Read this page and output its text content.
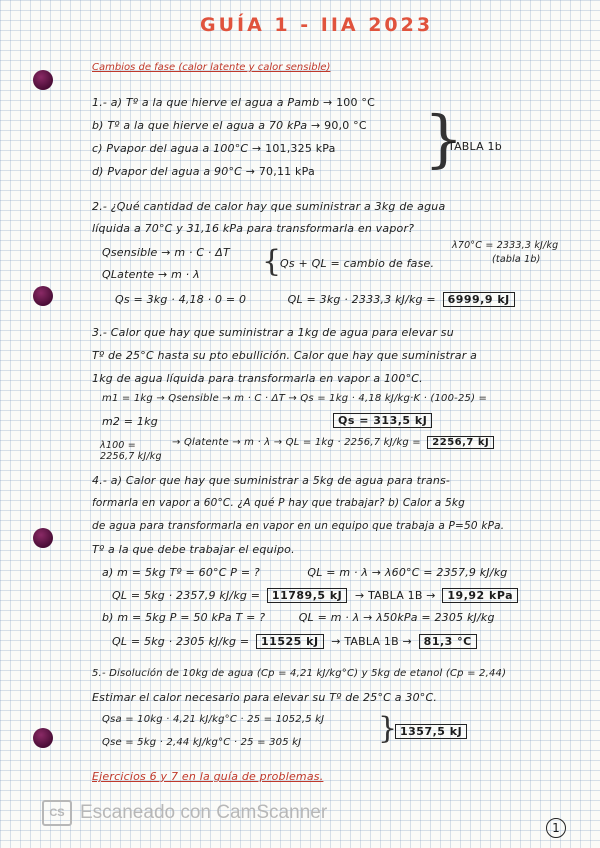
GUÍA 1 - IIA 2023
Cambios de fase (calor latente y calor sensible)
1.- a) Tº a la que hierve el agua a Pamb → 100 °C
b) Tº a la que hierve el agua a 70 kPa → 90,0 °C
c) Pvapor del agua a 100°C → 101,325 kPa
d) Pvapor del agua a 90°C → 70,11 kPa }
TABLA 1b
2.- ¿Qué cantidad de calor hay que suministrar a 3kg de agua
líquida a 70°C y 31,16 kPa para transformarla en vapor?
λ70°C = 2333,3 kJ/kg
(tabla 1b)
Qsensible → m · C · ΔT
QLatente → m · λ {
Qs + QL = cambio de fase.
Qs = 3kg · 4,18 · 0 = 0	QL = 3kg · 2333,3 kJ/kg = 6999,9 kJ
3.- Calor que hay que suministrar a 1kg de agua para elevar su
Tº de 25°C hasta su pto ebullición. Calor que hay que suministrar a
1kg de agua líquida para transformarla en vapor a 100°C.
m1 = 1kg → Qsensible → m · C · ΔT → Qs = 1kg · 4,18 kJ/kg·K · (100-25) =
m2 = 1kg	Qs = 313,5 kJ
λ100 = 2256,7 kJ/kg
→ Qlatente → m · λ → QL = 1kg · 2256,7 kJ/kg = 2256,7 kJ
4.- a) Calor que hay que suministrar a 5kg de agua para trans-
formarla en vapor a 60°C. ¿A qué P hay que trabajar? b) Calor a 5kg
de agua para transformarla en vapor en un equipo que trabaja a P=50 kPa.
Tº a la que debe trabajar el equipo.
a) m = 5kg Tº = 60°C P = ?	QL = m · λ → λ60°C = 2357,9 kJ/kg
QL = 5kg · 2357,9 kJ/kg = 11789,5 kJ → TABLA 1B → 19,92 kPa
b) m = 5kg P = 50 kPa T = ?	QL = m · λ → λ50kPa = 2305 kJ/kg
QL = 5kg · 2305 kJ/kg = 11525 kJ → TABLA 1B → 81,3 °C
5.- Disolución de 10kg de agua (Cp = 4,21 kJ/kg°C) y 5kg de etanol (Cp = 2,44)
Estimar el calor necesario para elevar su Tº de 25°C a 30°C.
Qsa = 10kg · 4,21 kJ/kg°C · 25 = 1052,5 kJ
Qse = 5kg · 2,44 kJ/kg°C · 25 = 305 kJ	} 1357,5 kJ
Ejercicios 6 y 7 en la guía de problemas.
CS Escaneado con CamScanner
1
